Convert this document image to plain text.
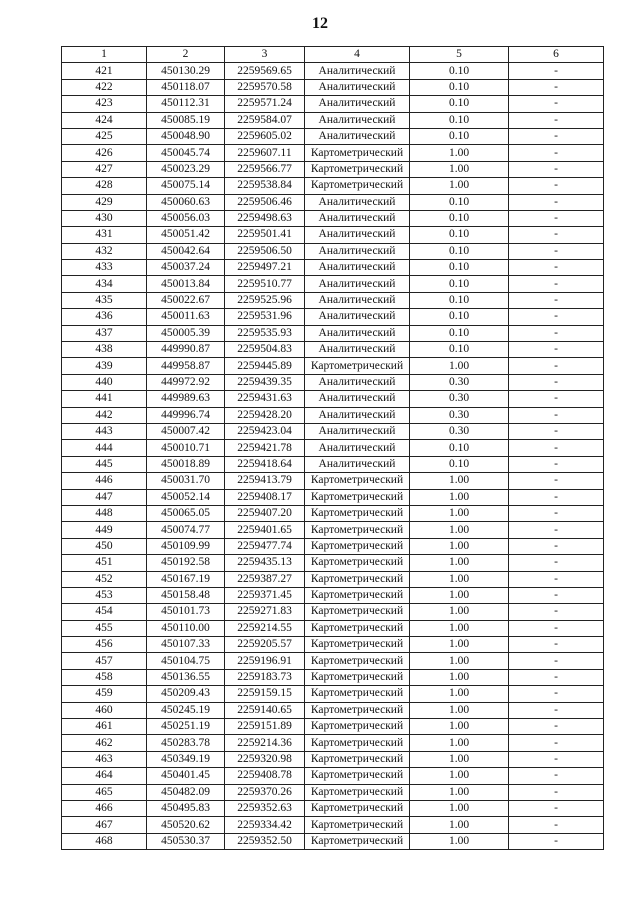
12
1	2	3	4	5	6
421	450130.29	2259569.65	Аналитический	0.10	-
422	450118.07	2259570.58	Аналитический	0.10	-
423	450112.31	2259571.24	Аналитический	0.10	-
424	450085.19	2259584.07	Аналитический	0.10	-
425	450048.90	2259605.02	Аналитический	0.10	-
426	450045.74	2259607.11	Картометрический	1.00	-
427	450023.29	2259566.77	Картометрический	1.00	-
428	450075.14	2259538.84	Картометрический	1.00	-
429	450060.63	2259506.46	Аналитический	0.10	-
430	450056.03	2259498.63	Аналитический	0.10	-
431	450051.42	2259501.41	Аналитический	0.10	-
432	450042.64	2259506.50	Аналитический	0.10	-
433	450037.24	2259497.21	Аналитический	0.10	-
434	450013.84	2259510.77	Аналитический	0.10	-
435	450022.67	2259525.96	Аналитический	0.10	-
436	450011.63	2259531.96	Аналитический	0.10	-
437	450005.39	2259535.93	Аналитический	0.10	-
438	449990.87	2259504.83	Аналитический	0.10	-
439	449958.87	2259445.89	Картометрический	1.00	-
440	449972.92	2259439.35	Аналитический	0.30	-
441	449989.63	2259431.63	Аналитический	0.30	-
442	449996.74	2259428.20	Аналитический	0.30	-
443	450007.42	2259423.04	Аналитический	0.30	-
444	450010.71	2259421.78	Аналитический	0.10	-
445	450018.89	2259418.64	Аналитический	0.10	-
446	450031.70	2259413.79	Картометрический	1.00	-
447	450052.14	2259408.17	Картометрический	1.00	-
448	450065.05	2259407.20	Картометрический	1.00	-
449	450074.77	2259401.65	Картометрический	1.00	-
450	450109.99	2259477.74	Картометрический	1.00	-
451	450192.58	2259435.13	Картометрический	1.00	-
452	450167.19	2259387.27	Картометрический	1.00	-
453	450158.48	2259371.45	Картометрический	1.00	-
454	450101.73	2259271.83	Картометрический	1.00	-
455	450110.00	2259214.55	Картометрический	1.00	-
456	450107.33	2259205.57	Картометрический	1.00	-
457	450104.75	2259196.91	Картометрический	1.00	-
458	450136.55	2259183.73	Картометрический	1.00	-
459	450209.43	2259159.15	Картометрический	1.00	-
460	450245.19	2259140.65	Картометрический	1.00	-
461	450251.19	2259151.89	Картометрический	1.00	-
462	450283.78	2259214.36	Картометрический	1.00	-
463	450349.19	2259320.98	Картометрический	1.00	-
464	450401.45	2259408.78	Картометрический	1.00	-
465	450482.09	2259370.26	Картометрический	1.00	-
466	450495.83	2259352.63	Картометрический	1.00	-
467	450520.62	2259334.42	Картометрический	1.00	-
468	450530.37	2259352.50	Картометрический	1.00	-
